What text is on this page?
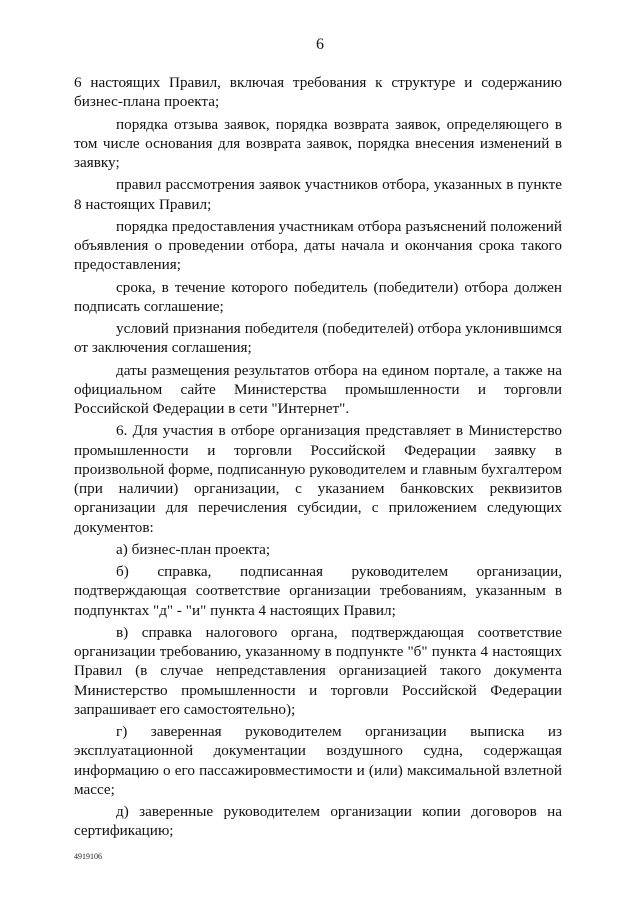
6

6 настоящих Правил, включая требования к структуре и содержанию бизнес-плана проекта;

порядка отзыва заявок, порядка возврата заявок, определяющего в том числе основания для возврата заявок, порядка внесения изменений в заявку;

правил рассмотрения заявок участников отбора, указанных в пункте 8 настоящих Правил;

порядка предоставления участникам отбора разъяснений положений объявления о проведении отбора, даты начала и окончания срока такого предоставления;

срока, в течение которого победитель (победители) отбора должен подписать соглашение;

условий признания победителя (победителей) отбора уклонившимся от заключения соглашения;

даты размещения результатов отбора на едином портале, а также на официальном сайте Министерства промышленности и торговли Российской Федерации в сети "Интернет".

6. Для участия в отборе организация представляет в Министерство промышленности и торговли Российской Федерации заявку в произвольной форме, подписанную руководителем и главным бухгалтером (при наличии) организации, с указанием банковских реквизитов организации для перечисления субсидии, с приложением следующих документов:

а) бизнес-план проекта;

б) справка, подписанная руководителем организации, подтверждающая соответствие организации требованиям, указанным в подпунктах "д" - "и" пункта 4 настоящих Правил;

в) справка налогового органа, подтверждающая соответствие организации требованию, указанному в подпункте "б" пункта 4 настоящих Правил (в случае непредставления организацией такого документа Министерство промышленности и торговли Российской Федерации запрашивает его самостоятельно);

г) заверенная руководителем организации выписка из эксплуатационной документации воздушного судна, содержащая информацию о его пассажировместимости и (или) максимальной взлетной массе;

д) заверенные руководителем организации копии договоров на сертификацию;

4919106
